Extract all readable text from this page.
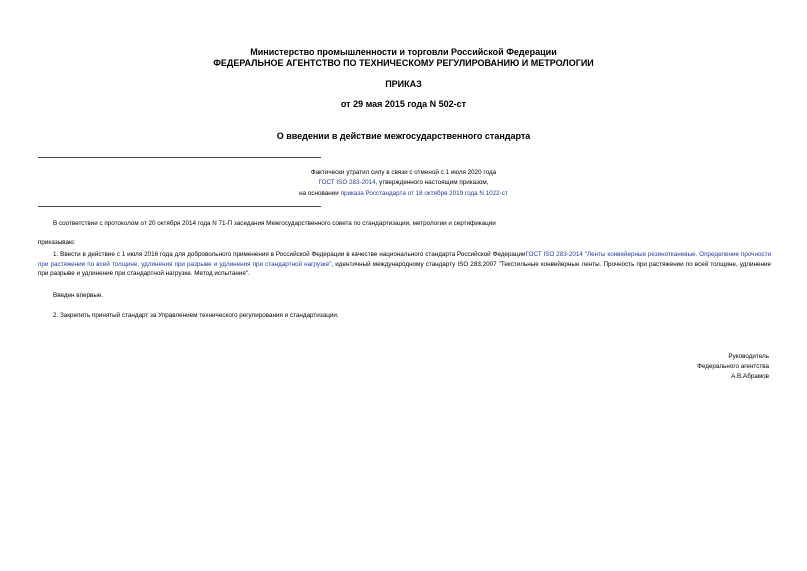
Министерство промышленности и торговли Российской Федерации
ФЕДЕРАЛЬНОЕ АГЕНТСТВО ПО ТЕХНИЧЕСКОМУ РЕГУЛИРОВАНИЮ И МЕТРОЛОГИИ
ПРИКАЗ
от 29 мая 2015 года N 502-ст
О введении в действие межгосударственного стандарта
Фактически утратил силу в связи с отменой с 1 июля 2020 года
ГОСТ ISO 283-2014, утвержденного настоящим приказом,
на основании приказа Росстандарта от 18 октября 2019 года N 1022-ст
В соответствии с протоколом от 20 октября 2014 года N 71-П заседания Межгосударственного совета по стандартизации, метрологии и сертификации
приказываю:
1. Ввести в действие с 1 июля 2016 года для добровольного применения в Российской Федерации в качестве национального стандарта Российской ФедерацииГОСТ ISO 283-2014 "Ленты конвейерные резинотканевые. Определение прочности при растяжении по всей толщине, удлинения при разрыве и удлинения при стандартной нагрузке", идентичный международному стандарту ISO 283:2007 "Текстильные конвейерные ленты. Прочность при растяжении по всей толщине, удлинение при разрыве и удлинение при стандартной нагрузке. Метод испытания".
Введен впервые.
2. Закрепить принятый стандарт за Управлением технического регулирования и стандартизации.
Руководитель
Федерального агентства
А.В.Абрамов
